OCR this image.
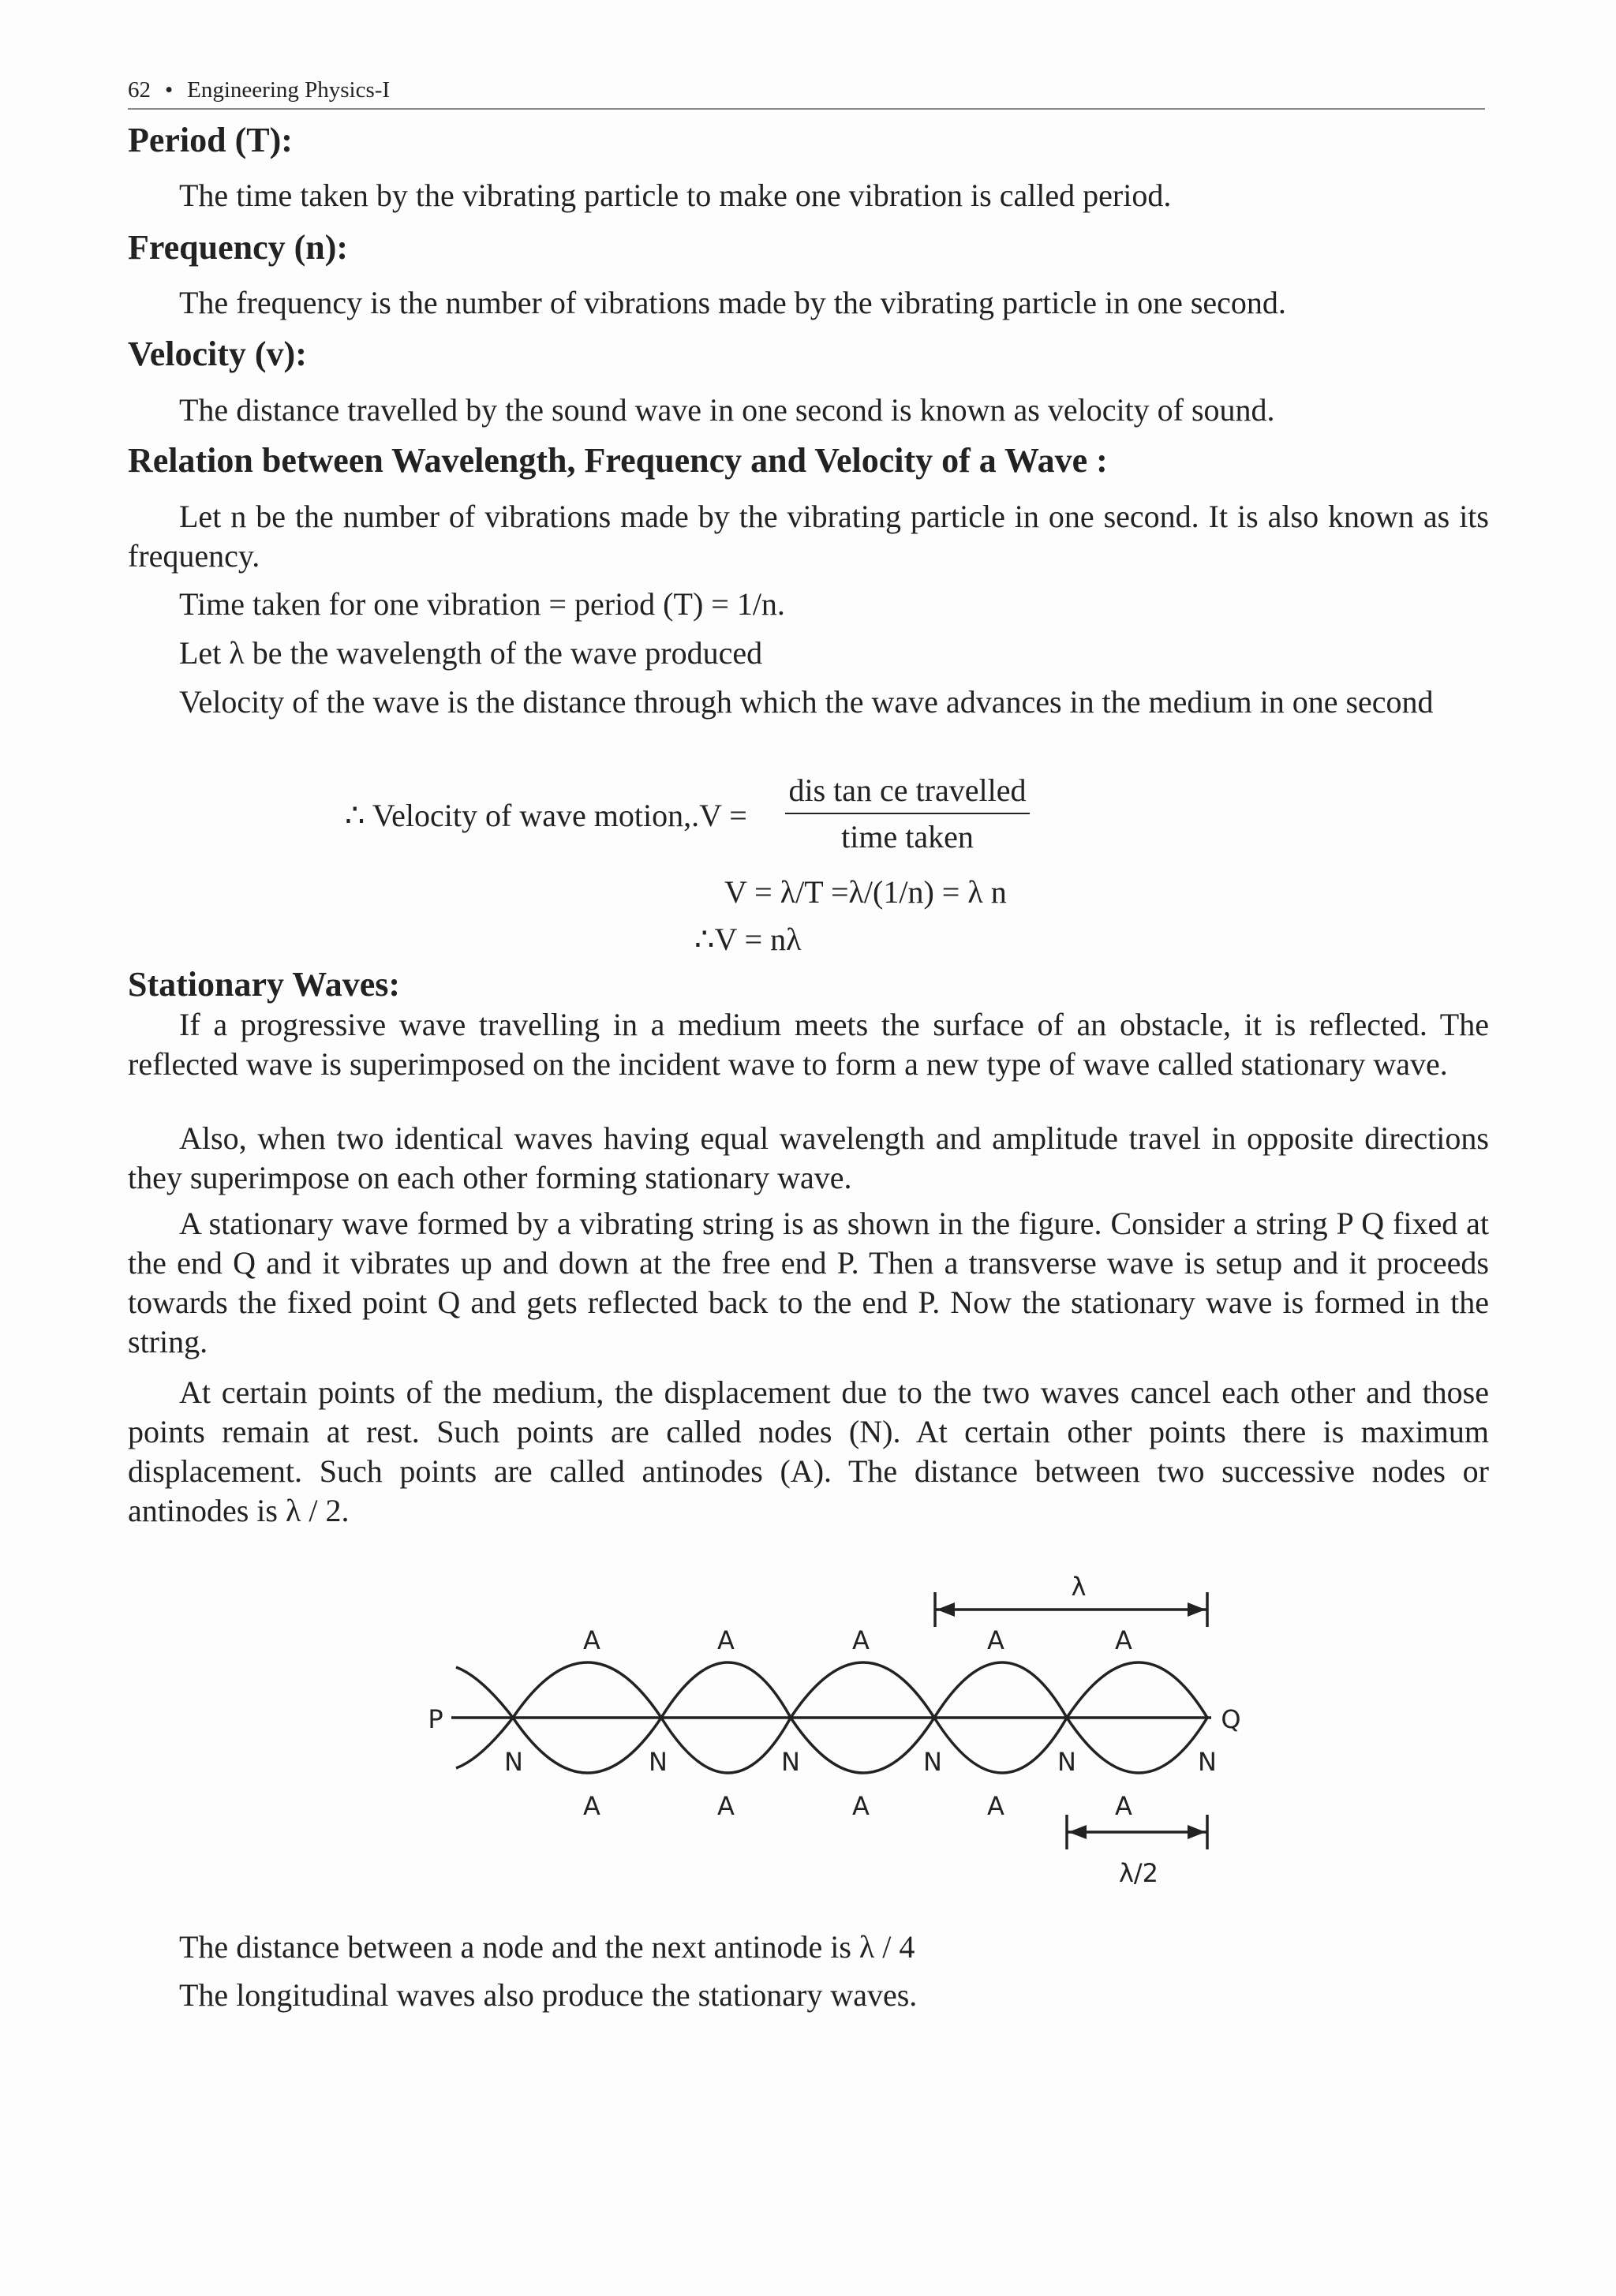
62 • Engineering Physics-I
Period (T):
The time taken by the vibrating particle to make one vibration is called period.
Frequency (n):
The frequency is the number of vibrations made by the vibrating particle in one second.
Velocity (v):
The distance travelled by the sound wave in one second is known as velocity of sound.
Relation between Wavelength, Frequency and Velocity of a Wave :
Let n be the number of vibrations made by the vibrating particle in one second. It is also known as its frequency.
Time taken for one vibration = period (T) = 1/n.
Let λ be the wavelength of the wave produced
Velocity of the wave is the distance through which the wave advances in the medium in one second
∴ Velocity of wave motion,.V =
dis tan ce travelled
time taken
V = λ/T =λ/(1/n) = λ n
∴V = nλ
Stationary Waves:
If a progressive wave travelling in a medium meets the surface of an obstacle, it is reflected. The reflected wave is superimposed on the incident wave to form a new type of wave called stationary wave.
Also, when two identical waves having equal wavelength and amplitude travel in opposite directions they superimpose on each other forming stationary wave.
A stationary wave formed by a vibrating string is as shown in the figure. Consider a string P Q fixed at the end Q and it vibrates up and down at the free end P. Then a transverse wave is setup and it proceeds towards the fixed point Q and gets reflected back to the end P. Now the stationary wave is formed in the string.
At certain points of the medium, the displacement due to the two waves cancel each other and those points remain at rest. Such points are called nodes (N). At certain other points there is maximum displacement. Such points are called antinodes (A). The distance between two successive nodes or antinodes is λ / 2.
λ
λ/2
P	Q
A	A	A	A	A
A	A	A	A	A
N	N	N	N	N	N
The distance between a node and the next antinode is λ / 4
The longitudinal waves also produce the stationary waves.
